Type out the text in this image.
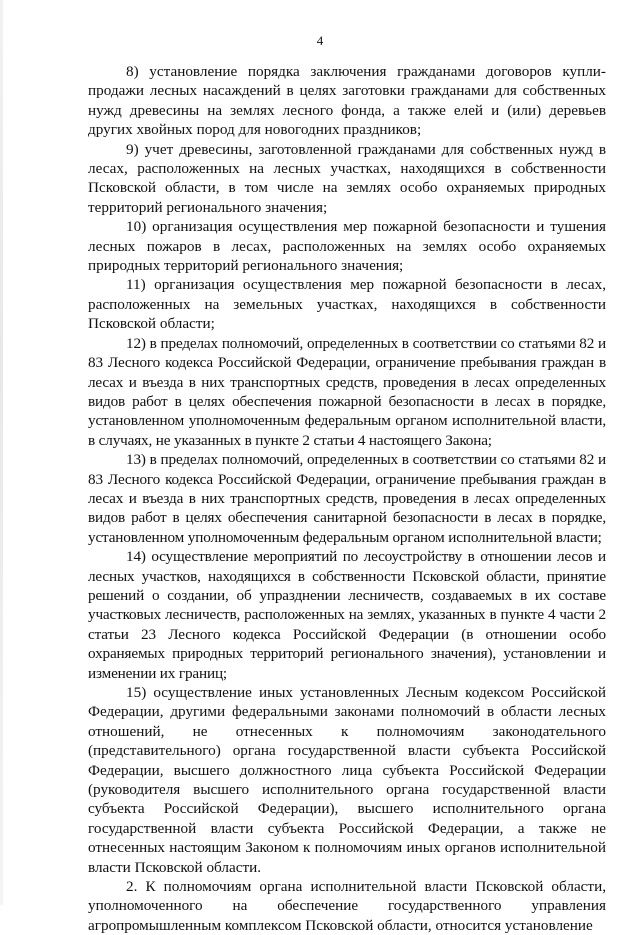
4

8) установление порядка заключения гражданами договоров купли-продажи лесных насаждений в целях заготовки гражданами для собственных нужд древесины на землях лесного фонда, а также елей и (или) деревьев других хвойных пород для новогодних праздников;

9) учет древесины, заготовленной гражданами для собственных нужд в лесах, расположенных на лесных участках, находящихся в собственности Псковской области, в том числе на землях особо охраняемых природных территорий регионального значения;

10) организация осуществления мер пожарной безопасности и тушения лесных пожаров в лесах, расположенных на землях особо охраняемых природных территорий регионального значения;

11) организация осуществления мер пожарной безопасности в лесах, расположенных на земельных участках, находящихся в собственности Псковской области;

12) в пределах полномочий, определенных в соответствии со статьями 82 и 83 Лесного кодекса Российской Федерации, ограничение пребывания граждан в лесах и въезда в них транспортных средств, проведения в лесах определенных видов работ в целях обеспечения пожарной безопасности в лесах в порядке, установленном уполномоченным федеральным органом исполнительной власти, в случаях, не указанных в пункте 2 статьи 4 настоящего Закона;

13) в пределах полномочий, определенных в соответствии со статьями 82 и 83 Лесного кодекса Российской Федерации, ограничение пребывания граждан в лесах и въезда в них транспортных средств, проведения в лесах определенных видов работ в целях обеспечения санитарной безопасности в лесах в порядке, установленном уполномоченным федеральным органом исполнительной власти;

14) осуществление мероприятий по лесоустройству в отношении лесов и лесных участков, находящихся в собственности Псковской области, принятие решений о создании, об упразднении лесничеств, создаваемых в их составе участковых лесничеств, расположенных на землях, указанных в пункте 4 части 2 статьи 23 Лесного кодекса Российской Федерации (в отношении особо охраняемых природных территорий регионального значения), установлении и изменении их границ;

15) осуществление иных установленных Лесным кодексом Российской Федерации, другими федеральными законами полномочий в области лесных отношений, не отнесенных к полномочиям законодательного (представительного) органа государственной власти субъекта Российской Федерации, высшего должностного лица субъекта Российской Федерации (руководителя высшего исполнительного органа государственной власти субъекта Российской Федерации), высшего исполнительного органа государственной власти субъекта Российской Федерации, а также не отнесенных настоящим Законом к полномочиям иных органов исполнительной власти Псковской области.

2. К полномочиям органа исполнительной власти Псковской области, уполномоченного на обеспечение государственного управления агропромышленным комплексом Псковской области, относится установление
